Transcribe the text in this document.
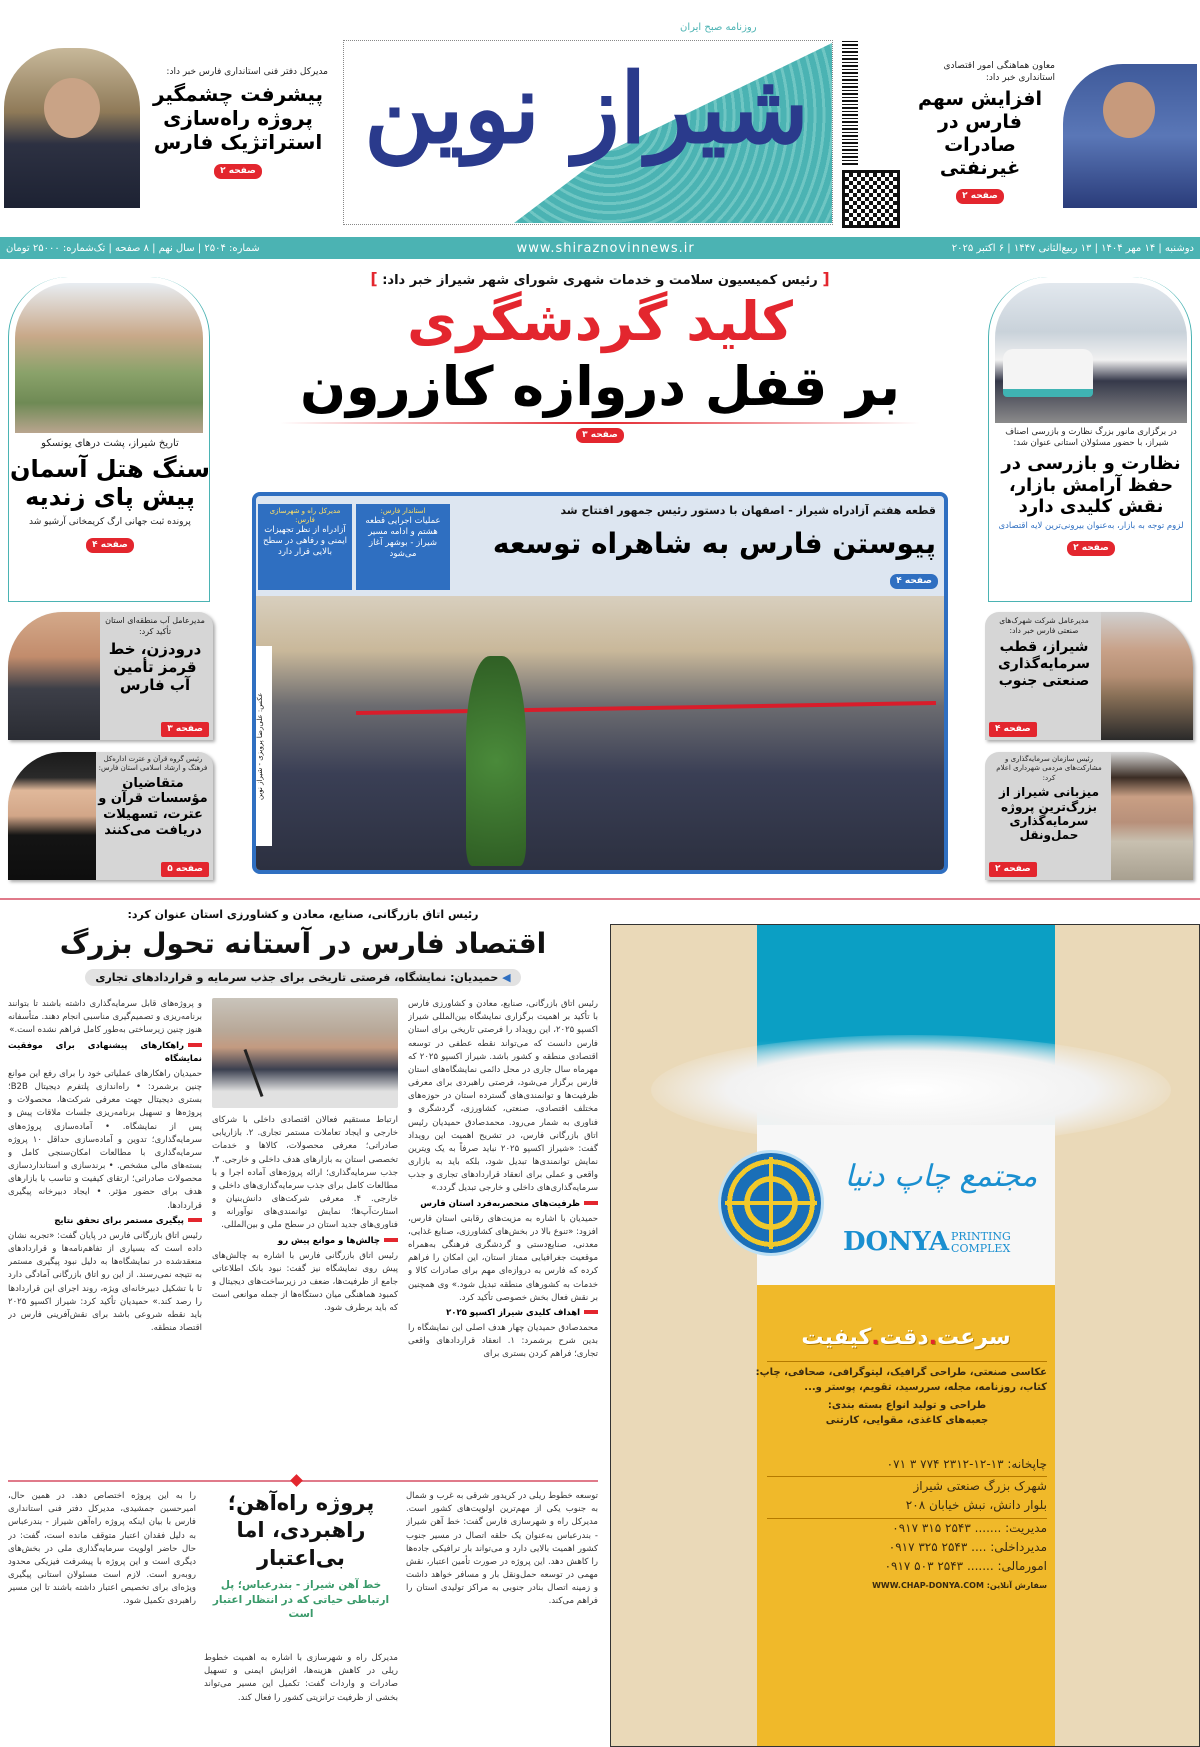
مدیرکل دفتر فنی استانداری فارس خبر داد:
پیشرفت چشمگیر پروژه راه‌سازی استراتژیک فارس
صفحه ۲
شیراز نوین
روزنامه صبح ایران
معاون هماهنگی امور اقتصادی استانداری خبر داد:
افزایش سهم فارس در صادرات غیرنفتی
صفحه ۲
دوشنبه | ۱۴ مهر ۱۴۰۴ | ۱۳ ربیع‌الثانی ۱۴۴۷ | ۶ اکتبر ۲۰۲۵
www.shiraznovinnews.ir
شماره: ۲۵۰۴ | سال نهم | ۸ صفحه | تک‌شماره: ۲۵۰۰۰ تومان
[ رئیس کمیسیون سلامت و خدمات شهری شورای شهر شیراز خبر داد: ]
کلید گردشگری
بر قفل دروازه کازرون
صفحه ۳
عکس: علی‌رضا پرویزی - شیراز نوین
قطعه هفتم آزادراه شیراز - اصفهان با دستور رئیس جمهور افتتاح شد
پیوستن فارس به شاهراه توسعه
صفحه ۴
استاندار فارس:
عملیات اجرایی قطعه هشتم و ادامه مسیر شیراز - بوشهر آغاز می‌شود
مدیرکل راه و شهرسازی فارس:
آزادراه از نظر تجهیزات ایمنی و رفاهی در سطح بالایی قرار دارد
تاریخ شیراز، پشت درهای یونسکو
سنگ هتل آسمان پیش پای زندیه
پرونده ثبت جهانی ارگ کریمخانی آرشیو شد
صفحه ۴
مدیرعامل آب منطقه‌ای استان تأکید کرد:
درودزن، خط قرمز تأمین آب فارس
صفحه ۳
رئیس گروه قرآن و عترت اداره‌کل فرهنگ و ارشاد اسلامی استان فارس:
متقاضیان مؤسسات قرآن و عترت، تسهیلات دریافت می‌کنند
صفحه ۵
در برگزاری مانور بزرگ نظارت و بازرسی اصناف شیراز، با حضور مسئولان استانی عنوان شد:
نظارت و بازرسی در حفظ آرامش بازار، نقش کلیدی دارد
لزوم توجه به بازار، به‌عنوان بیرونی‌ترین لایه اقتصادی
صفحه ۲
مدیرعامل شرکت شهرک‌های صنعتی فارس خبر داد:
شیراز، قطب سرمایه‌گذاری صنعتی جنوب
صفحه ۴
رئیس سازمان سرمایه‌گذاری و مشارکت‌های مردمی شهرداری اعلام کرد:
میزبانی شیراز از بزرگ‌ترین پروژه سرمایه‌گذاری حمل‌ونقل
صفحه ۲
رئیس اتاق بازرگانی، صنایع، معادن و کشاورزی استان عنوان کرد:
اقتصاد فارس در آستانه تحول بزرگ
◀ حمیدیان: نمایشگاه، فرصتی تاریخی برای جذب سرمایه و قراردادهای تجاری

رئیس اتاق بازرگانی، صنایع، معادن و کشاورزی فارس با تأکید بر اهمیت برگزاری نمایشگاه بین‌المللی شیراز اکسپو ۲۰۲۵، این رویداد را فرصتی تاریخی برای استان فارس دانست که می‌تواند نقطه عطفی در توسعه اقتصادی منطقه و کشور باشد. شیراز اکسپو ۲۰۲۵ که مهرماه سال جاری در محل دائمی نمایشگاه‌های استان فارس برگزار می‌شود، فرصتی راهبردی برای معرفی ظرفیت‌ها و توانمندی‌های گسترده استان در حوزه‌های مختلف اقتصادی، صنعتی، کشاورزی، گردشگری و فناوری به شمار می‌رود. محمدصادق حمیدیان رئیس اتاق بازرگانی فارس، در تشریح اهمیت این رویداد گفت: «شیراز اکسپو ۲۰۲۵ نباید صرفاً به یک ویترین نمایش توانمندی‌ها تبدیل شود، بلکه باید به بازاری واقعی و عملی برای انعقاد قراردادهای تجاری و جذب سرمایه‌گذاری‌های داخلی و خارجی تبدیل گردد.»

ظرفیت‌های منحصربه‌فرد استان فارس

حمیدیان با اشاره به مزیت‌های رقابتی استان فارس، افزود: «تنوع بالا در بخش‌های کشاورزی، صنایع غذایی، معدنی، صنایع‌دستی و گردشگری فرهنگی به‌همراه موقعیت جغرافیایی ممتاز استان، این امکان را فراهم کرده که فارس به دروازه‌ای مهم برای صادرات کالا و خدمات به کشورهای منطقه تبدیل شود.» وی همچنین بر نقش فعال بخش خصوصی تأکید کرد.

اهداف کلیدی شیراز اکسپو ۲۰۲۵

محمدصادق حمیدیان چهار هدف اصلی این نمایشگاه را بدین شرح برشمرد: ۱. انعقاد قراردادهای واقعی تجاری؛ فراهم کردن بستری برای

ارتباط مستقیم فعالان اقتصادی داخلی با شرکای خارجی و ایجاد تعاملات مستمر تجاری. ۲. بازاریابی صادراتی؛ معرفی محصولات، کالاها و خدمات تخصصی استان به بازارهای هدف داخلی و خارجی. ۳. جذب سرمایه‌گذاری؛ ارائه پروژه‌های آماده اجرا و با مطالعات کامل برای جذب سرمایه‌گذاری‌های داخلی و خارجی. ۴. معرفی شرکت‌های دانش‌بنیان و استارت‌آپ‌ها؛ نمایش توانمندی‌های نوآورانه و فناوری‌های جدید استان در سطح ملی و بین‌المللی.

چالش‌ها و موانع پیش رو

رئیس اتاق بازرگانی فارس با اشاره به چالش‌های پیش روی نمایشگاه نیز گفت: نبود بانک اطلاعاتی جامع از ظرفیت‌ها، ضعف در زیرساخت‌های دیجیتال و کمبود هماهنگی میان دستگاه‌ها از جمله موانعی است که باید برطرف شود.

و پروژه‌های قابل سرمایه‌گذاری داشته باشند تا بتوانند برنامه‌ریزی و تصمیم‌گیری مناسبی انجام دهند. متأسفانه هنوز چنین زیرساختی به‌طور کامل فراهم نشده است.»

راهکارهای پیشنهادی برای موفقیت نمایشگاه

حمیدیان راهکارهای عملیاتی خود را برای رفع این موانع چنین برشمرد: • راه‌اندازی پلتفرم دیجیتال B2B؛ بستری دیجیتال جهت معرفی شرکت‌ها، محصولات و پروژه‌ها و تسهیل برنامه‌ریزی جلسات ملاقات پیش و پس از نمایشگاه. • آماده‌سازی پروژه‌های سرمایه‌گذاری؛ تدوین و آماده‌سازی حداقل ۱۰ پروژه سرمایه‌گذاری با مطالعات امکان‌سنجی کامل و بسته‌های مالی مشخص. • برندسازی و استانداردسازی محصولات صادراتی؛ ارتقای کیفیت و تناسب با بازارهای هدف برای حضور مؤثر. • ایجاد دبیرخانه پیگیری قراردادها.

پیگیری مستمر برای تحقق نتایج

رئیس اتاق بازرگانی فارس در پایان گفت: «تجربه نشان داده است که بسیاری از تفاهم‌نامه‌ها و قراردادهای منعقدشده در نمایشگاه‌ها به دلیل نبود پیگیری مستمر به نتیجه نمی‌رسند. از این رو اتاق بازرگانی آمادگی دارد تا با تشکیل دبیرخانه‌ای ویژه، روند اجرای این قراردادها را رصد کند.» حمیدیان تأکید کرد: شیراز اکسپو ۲۰۲۵ باید نقطه شروعی باشد برای نقش‌آفرینی فارس در اقتصاد منطقه.

توسعه خطوط ریلی در کریدور شرقی به غرب و شمال به جنوب یکی از مهم‌ترین اولویت‌های کشور است. مدیرکل راه و شهرسازی فارس گفت: خط آهن شیراز - بندرعباس به‌عنوان یک حلقه اتصال در مسیر جنوب کشور اهمیت بالایی دارد و می‌تواند بار ترافیکی جاده‌ها را کاهش دهد. این پروژه در صورت تأمین اعتبار، نقش مهمی در توسعه حمل‌ونقل بار و مسافر خواهد داشت و زمینه اتصال بنادر جنوبی به مراکز تولیدی استان را فراهم می‌کند.

پروژه راه‌آهن؛ راهبردی، اما بی‌اعتبار
خط آهن شیراز - بندرعباس؛ پل ارتباطی حیاتی که در انتظار اعتبار است

مدیرکل راه و شهرسازی با اشاره به اهمیت خطوط ریلی در کاهش هزینه‌ها، افزایش ایمنی و تسهیل صادرات و واردات گفت: تکمیل این مسیر می‌تواند بخشی از ظرفیت ترانزیتی کشور را فعال کند.

را به این پروژه اختصاص دهد. در همین حال، امیرحسین جمشیدی، مدیرکل دفتر فنی استانداری فارس با بیان اینکه پروژه راه‌آهن شیراز - بندرعباس به دلیل فقدان اعتبار متوقف مانده است، گفت: در حال حاضر اولویت سرمایه‌گذاری ملی در بخش‌های دیگری است و این پروژه با پیشرفت فیزیکی محدود روبه‌رو است. لازم است مسئولان استانی پیگیری ویژه‌ای برای تخصیص اعتبار داشته باشند تا این مسیر راهبردی تکمیل شود.

مجتمع چاپ دنیا
DONYA PRINTING
COMPLEX
سرعت.دقت.کیفیت
عکاسی صنعتی، طراحی گرافیک، لیتوگرافی، صحافی، چاپ:
کتاب، روزنامه، مجله، سررسید، تقویم، پوستر و...
طراحی و تولید انواع بسته بندی:
جعبه‌های کاغذی، مقوایی، کارتنی
چاپخانه: ۱۳-۱۲-۲۳۱۲ ۷۷۴ ۳ ۰۷۱
شهرک بزرگ صنعتی شیراز
بلوار دانش، نبش خیابان ۲۰۸
مدیریت: ....... ۲۵۴۳ ۳۱۵ ۰۹۱۷
مدیرداخلی: .... ۲۵۴۳ ۳۲۵ ۰۹۱۷
امورمالی: ....... ۲۵۴۳ ۵۰۳ ۰۹۱۷
سفارش آنلاین: WWW.CHAP-DONYA.COM
